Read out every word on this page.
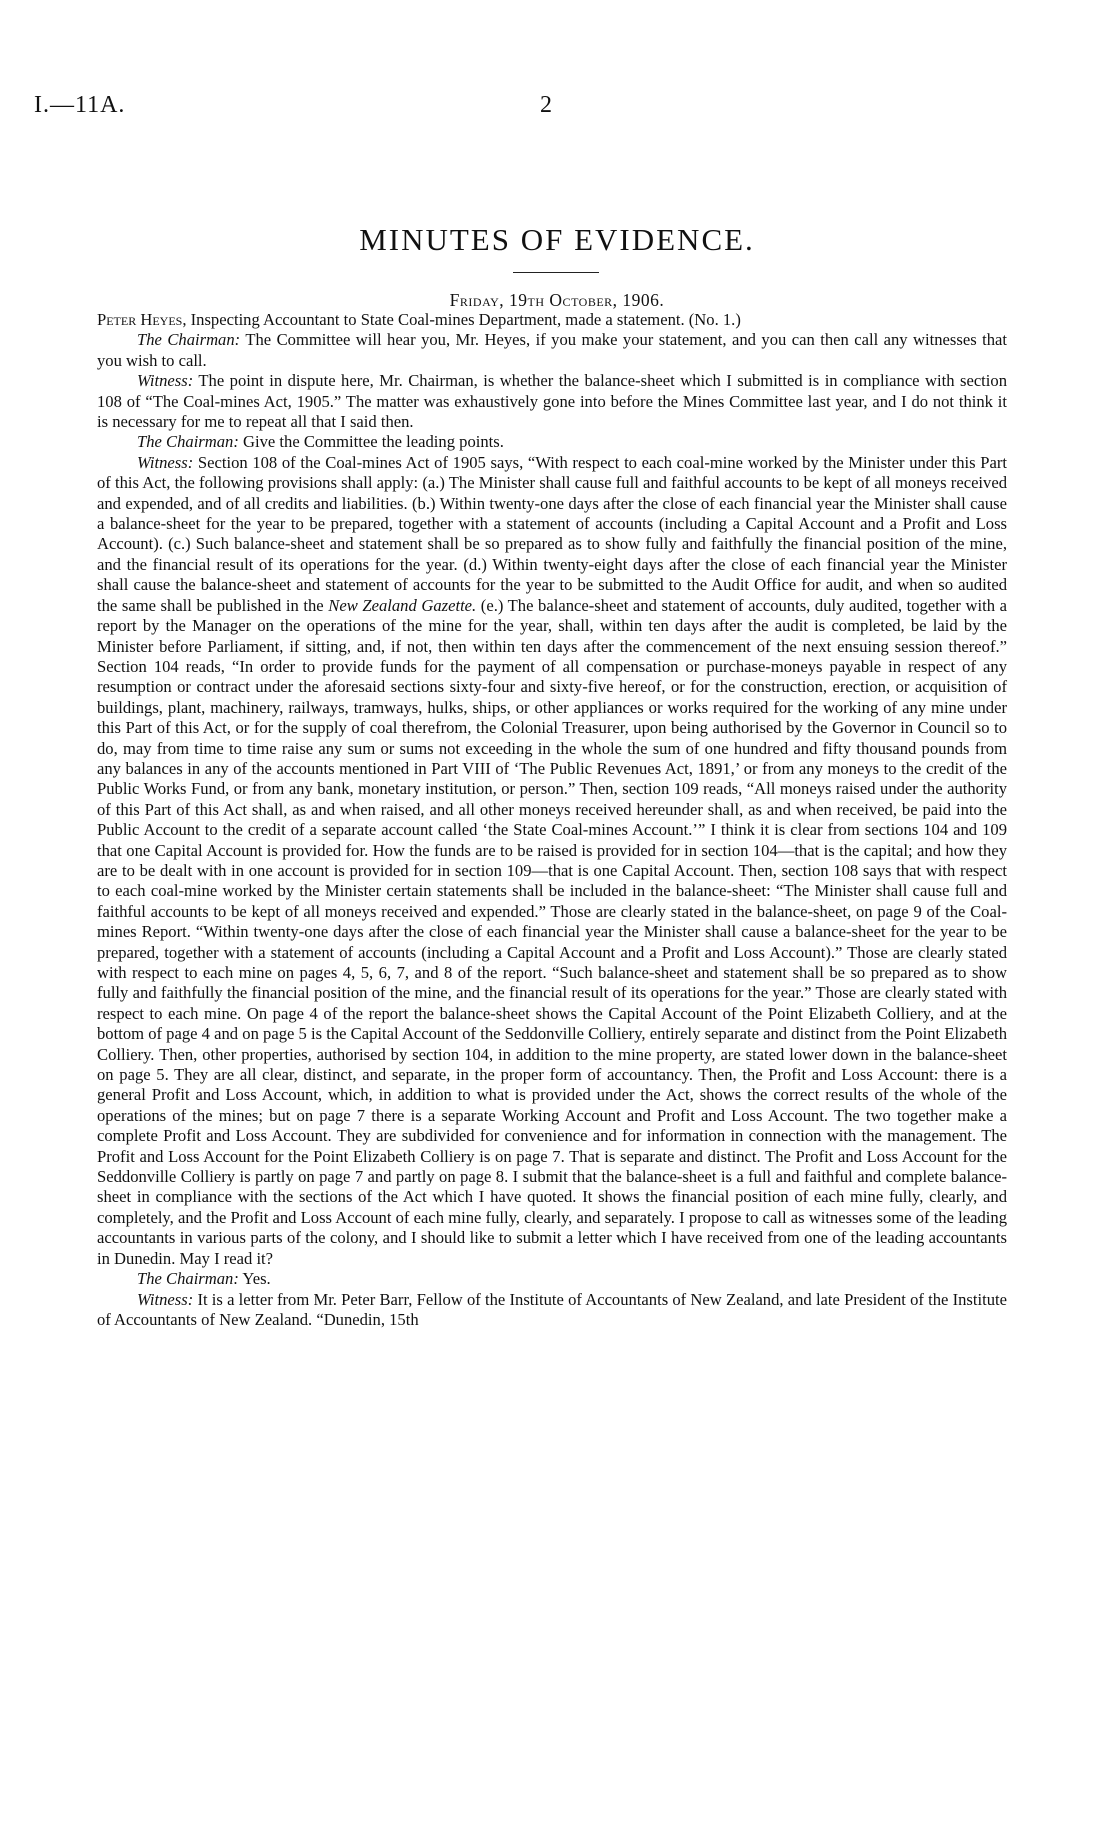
I.—11A.	2
MINUTES OF EVIDENCE.
Friday, 19th October, 1906.

Peter Heyes, Inspecting Accountant to State Coal-mines Department, made a statement. (No. 1.)

The Chairman: The Committee will hear you, Mr. Heyes, if you make your statement, and you can then call any witnesses that you wish to call.

Witness: The point in dispute here, Mr. Chairman, is whether the balance-sheet which I submitted is in compliance with section 108 of “The Coal-mines Act, 1905.” The matter was exhaustively gone into before the Mines Committee last year, and I do not think it is necessary for me to repeat all that I said then.

The Chairman: Give the Committee the leading points.

Witness: Section 108 of the Coal-mines Act of 1905 says, “With respect to each coal-mine worked by the Minister under this Part of this Act, the following provisions shall apply: (a.) The Minister shall cause full and faithful accounts to be kept of all moneys received and expended, and of all credits and liabilities. (b.) Within twenty-one days after the close of each financial year the Minister shall cause a balance-sheet for the year to be prepared, together with a statement of accounts (including a Capital Account and a Profit and Loss Account). (c.) Such balance-sheet and statement shall be so prepared as to show fully and faithfully the financial position of the mine, and the financial result of its operations for the year. (d.) Within twenty-eight days after the close of each financial year the Minister shall cause the balance-sheet and statement of accounts for the year to be submitted to the Audit Office for audit, and when so audited the same shall be published in the New Zealand Gazette. (e.) The balance-sheet and statement of accounts, duly audited, together with a report by the Manager on the operations of the mine for the year, shall, within ten days after the audit is completed, be laid by the Minister before Parliament, if sitting, and, if not, then within ten days after the commencement of the next ensuing session thereof.” Section 104 reads, “In order to provide funds for the payment of all compensation or purchase-moneys payable in respect of any resumption or contract under the aforesaid sections sixty-four and sixty-five hereof, or for the construction, erection, or acquisition of buildings, plant, machinery, railways, tramways, hulks, ships, or other appliances or works required for the working of any mine under this Part of this Act, or for the supply of coal therefrom, the Colonial Treasurer, upon being authorised by the Governor in Council so to do, may from time to time raise any sum or sums not exceeding in the whole the sum of one hundred and fifty thousand pounds from any balances in any of the accounts mentioned in Part VIII of ‘The Public Revenues Act, 1891,’ or from any moneys to the credit of the Public Works Fund, or from any bank, monetary institution, or person.” Then, section 109 reads, “All moneys raised under the authority of this Part of this Act shall, as and when raised, and all other moneys received hereunder shall, as and when received, be paid into the Public Account to the credit of a separate account called ‘the State Coal-mines Account.’” I think it is clear from sections 104 and 109 that one Capital Account is provided for. How the funds are to be raised is provided for in section 104—that is the capital; and how they are to be dealt with in one account is provided for in section 109—that is one Capital Account. Then, section 108 says that with respect to each coal-mine worked by the Minister certain statements shall be included in the balance-sheet: “The Minister shall cause full and faithful accounts to be kept of all moneys received and expended.” Those are clearly stated in the balance-sheet, on page 9 of the Coal-mines Report. “Within twenty-one days after the close of each financial year the Minister shall cause a balance-sheet for the year to be prepared, together with a statement of accounts (including a Capital Account and a Profit and Loss Account).” Those are clearly stated with respect to each mine on pages 4, 5, 6, 7, and 8 of the report. “Such balance-sheet and statement shall be so prepared as to show fully and faithfully the financial position of the mine, and the financial result of its operations for the year.” Those are clearly stated with respect to each mine. On page 4 of the report the balance-sheet shows the Capital Account of the Point Elizabeth Colliery, and at the bottom of page 4 and on page 5 is the Capital Account of the Seddonville Colliery, entirely separate and distinct from the Point Elizabeth Colliery. Then, other properties, authorised by section 104, in addition to the mine property, are stated lower down in the balance-sheet on page 5. They are all clear, distinct, and separate, in the proper form of accountancy. Then, the Profit and Loss Account: there is a general Profit and Loss Account, which, in addition to what is provided under the Act, shows the correct results of the whole of the operations of the mines; but on page 7 there is a separate Working Account and Profit and Loss Account. The two together make a complete Profit and Loss Account. They are subdivided for convenience and for information in connection with the management. The Profit and Loss Account for the Point Elizabeth Colliery is on page 7. That is separate and distinct. The Profit and Loss Account for the Seddonville Colliery is partly on page 7 and partly on page 8. I submit that the balance-sheet is a full and faithful and complete balance-sheet in compliance with the sections of the Act which I have quoted. It shows the financial position of each mine fully, clearly, and completely, and the Profit and Loss Account of each mine fully, clearly, and separately. I propose to call as witnesses some of the leading accountants in various parts of the colony, and I should like to submit a letter which I have received from one of the leading accountants in Dunedin. May I read it?

The Chairman: Yes.

Witness: It is a letter from Mr. Peter Barr, Fellow of the Institute of Accountants of New Zealand, and late President of the Institute of Accountants of New Zealand. “Dunedin, 15th
